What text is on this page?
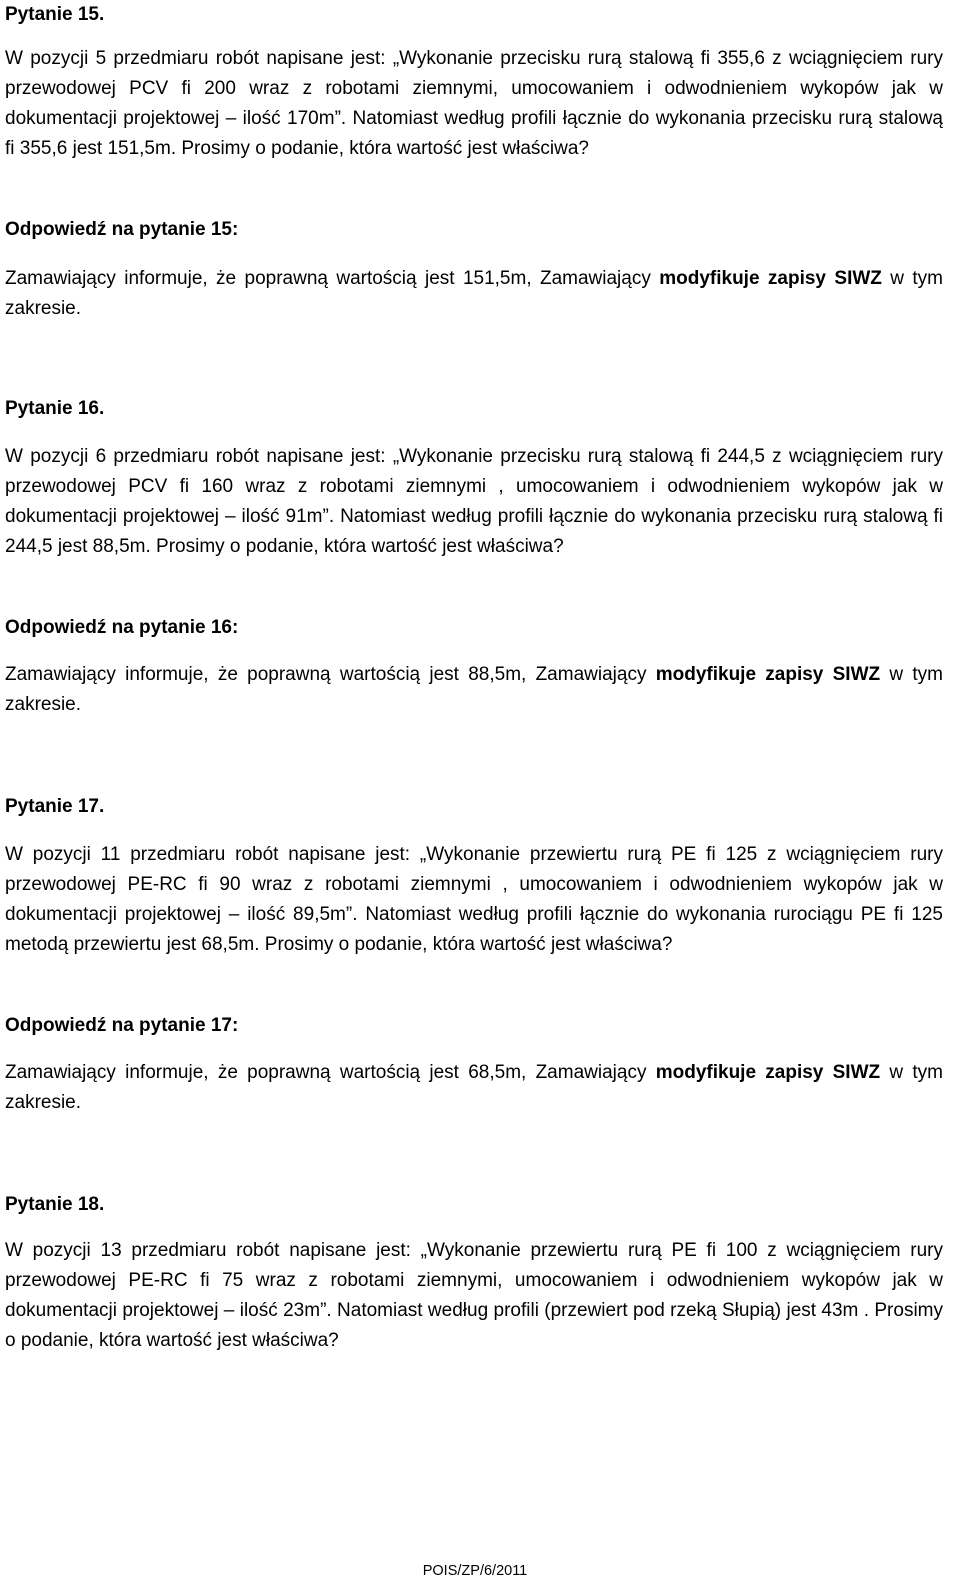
Pytanie 15.

W pozycji 5 przedmiaru robót napisane jest: „Wykonanie przecisku rurą stalową fi 355,6 z wciągnięciem rury przewodowej PCV fi 200 wraz z robotami ziemnymi, umocowaniem i odwodnieniem wykopów jak w dokumentacji projektowej – ilość 170m”. Natomiast według profili łącznie do wykonania przecisku rurą stalową fi 355,6 jest 151,5m. Prosimy o podanie, która wartość jest właściwa?

Odpowiedź na pytanie 15:

Zamawiający informuje, że poprawną wartością jest 151,5m, Zamawiający modyfikuje zapisy SIWZ w tym zakresie.

Pytanie 16.

W pozycji 6 przedmiaru robót napisane jest: „Wykonanie przecisku rurą stalową fi 244,5 z wciągnięciem rury przewodowej PCV fi 160 wraz z robotami ziemnymi , umocowaniem i odwodnieniem wykopów jak w dokumentacji projektowej – ilość 91m”. Natomiast według profili łącznie do wykonania przecisku rurą stalową fi 244,5 jest 88,5m. Prosimy o podanie, która wartość jest właściwa?

Odpowiedź na pytanie 16:

Zamawiający informuje, że poprawną wartością jest 88,5m, Zamawiający modyfikuje zapisy SIWZ w tym zakresie.

Pytanie 17.

W pozycji 11 przedmiaru robót napisane jest: „Wykonanie przewiertu rurą PE fi 125 z wciągnięciem rury przewodowej PE-RC fi 90 wraz z robotami ziemnymi , umocowaniem i odwodnieniem wykopów jak w dokumentacji projektowej – ilość 89,5m”. Natomiast według profili łącznie do wykonania rurociągu PE fi 125 metodą przewiertu jest 68,5m. Prosimy o podanie, która wartość jest właściwa?

Odpowiedź na pytanie 17:

Zamawiający informuje, że poprawną wartością jest 68,5m, Zamawiający modyfikuje zapisy SIWZ w tym zakresie.

Pytanie 18.

W pozycji 13 przedmiaru robót napisane jest: „Wykonanie przewiertu rurą PE fi 100 z wciągnięciem rury przewodowej PE-RC fi 75 wraz z robotami ziemnymi, umocowaniem i odwodnieniem wykopów jak w dokumentacji projektowej – ilość 23m”. Natomiast według profili (przewiert pod rzeką Słupią) jest 43m . Prosimy o podanie, która wartość jest właściwa?

POIS/ZP/6/2011
